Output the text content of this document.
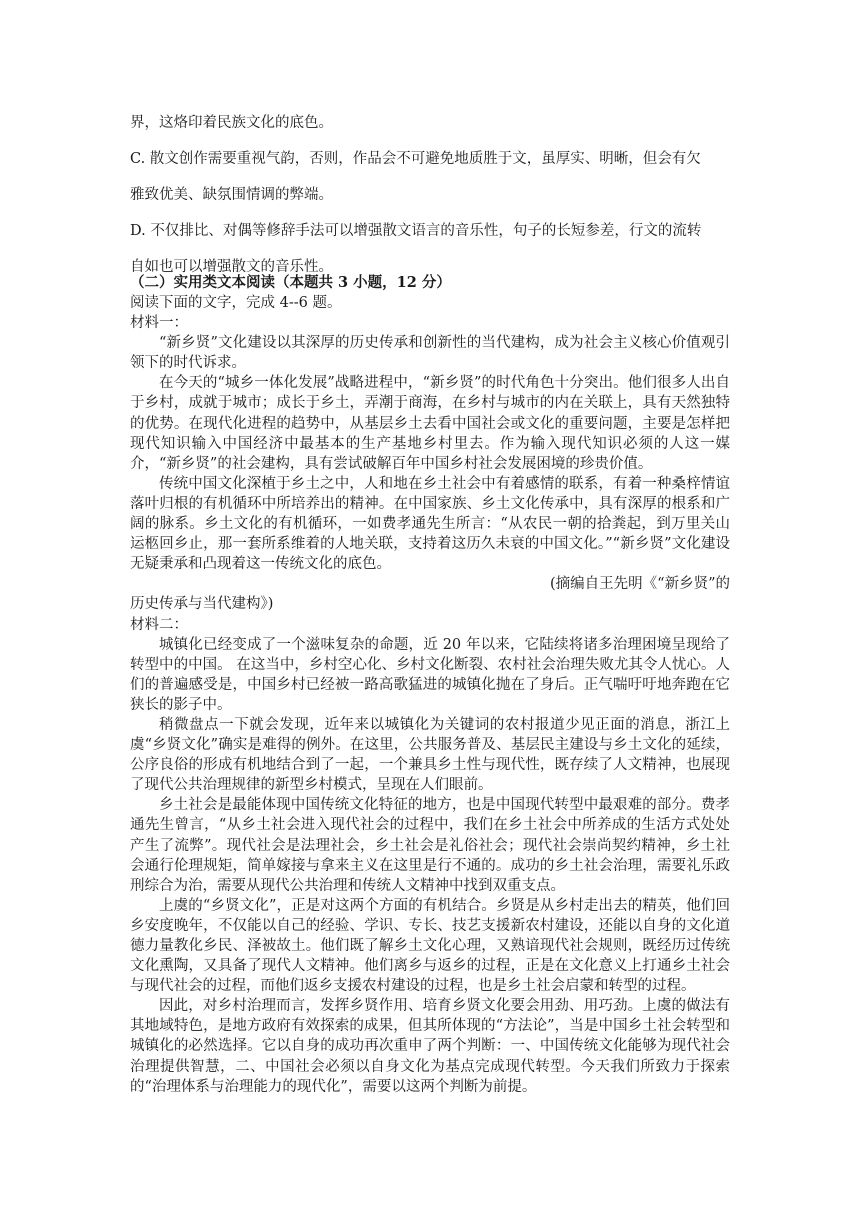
界，这烙印着民族文化的底色。

C. 散文创作需要重视气韵，否则，作品会不可避免地质胜于文，虽厚实、明晰，但会有欠

雅致优美、缺氛围情调的弊端。

D. 不仅排比、对偶等修辞手法可以增强散文语言的音乐性，句子的长短参差，行文的流转

自如也可以增强散文的音乐性。

（二）实用类文本阅读（本题共 3 小题，12 分）

阅读下面的文字，完成 4--6 题。

材料一：

“新乡贤”文化建设以其深厚的历史传承和创新性的当代建构，成为社会主义核心价值观引领下的时代诉求。

在今天的“城乡一体化发展”战略进程中，“新乡贤”的时代角色十分突出。他们很多人出自于乡村，成就于城市；成长于乡土，弄潮于商海，在乡村与城市的内在关联上，具有天然独特的优势。在现代化进程的趋势中，从基层乡土去看中国社会或文化的重要问题，主要是怎样把现代知识输入中国经济中最基本的生产基地乡村里去。作为输入现代知识必须的人这一媒介，“新乡贤”的社会建构，具有尝试破解百年中国乡村社会发展困境的珍贵价值。

传统中国文化深植于乡土之中，人和地在乡土社会中有着感情的联系，有着一种桑梓情谊落叶归根的有机循环中所培养出的精神。在中国家族、乡土文化传承中，具有深厚的根系和广阔的脉系。乡土文化的有机循环，一如费孝通先生所言：“从农民一朝的拾粪起，到万里关山运柩回乡止，那一套所系维着的人地关联，支持着这历久未衰的中国文化。”“新乡贤”文化建设无疑秉承和凸现着这一传统文化的底色。

(摘编自王先明《“新乡贤”的

历史传承与当代建构》)

材料二：

城镇化已经变成了一个滋味复杂的命题，近 20 年以来，它陆续将诸多治理困境呈现给了转型中的中国。 在这当中，乡村空心化、乡村文化断裂、农村社会治理失败尤其令人忧心。人们的普遍感受是，中国乡村已经被一路高歌猛进的城镇化抛在了身后。正气喘吁吁地奔跑在它狭长的影子中。

稍微盘点一下就会发现，近年来以城镇化为关键词的农村报道少见正面的消息，浙江上虞“乡贤文化”确实是难得的例外。在这里，公共服务普及、基层民主建设与乡土文化的延续，公序良俗的形成有机地结合到了一起，一个兼具乡土性与现代性，既存续了人文精神，也展现了现代公共治理规律的新型乡村模式，呈现在人们眼前。

乡土社会是最能体现中国传统文化特征的地方，也是中国现代转型中最艰难的部分。费孝通先生曾言，“从乡土社会进入现代社会的过程中，我们在乡土社会中所养成的生活方式处处产生了流弊”。现代社会是法理社会，乡土社会是礼俗社会；现代社会崇尚契约精神，乡土社会通行伦理规矩，简单嫁接与拿来主义在这里是行不通的。成功的乡土社会治理，需要礼乐政刑综合为治，需要从现代公共治理和传统人文精神中找到双重支点。

上虞的“乡贤文化”，正是对这两个方面的有机结合。乡贤是从乡村走出去的精英，他们回乡安度晚年，不仅能以自己的经验、学识、专长、技艺支援新农村建设，还能以自身的文化道德力量教化乡民、泽被故土。他们既了解乡土文化心理，又熟谙现代社会规则，既经历过传统文化熏陶，又具备了现代人文精神。他们离乡与返乡的过程，正是在文化意义上打通乡土社会与现代社会的过程，而他们返乡支援农村建设的过程，也是乡土社会启蒙和转型的过程。

因此，对乡村治理而言，发挥乡贤作用、培育乡贤文化要会用劲、用巧劲。上虞的做法有其地域特色，是地方政府有效探索的成果，但其所体现的“方法论”，当是中国乡土社会转型和城镇化的必然选择。它以自身的成功再次重申了两个判断：一、中国传统文化能够为现代社会治理提供智慧，二、中国社会必须以自身文化为基点完成现代转型。今天我们所致力于探索的“治理体系与治理能力的现代化”，需要以这两个判断为前提。
